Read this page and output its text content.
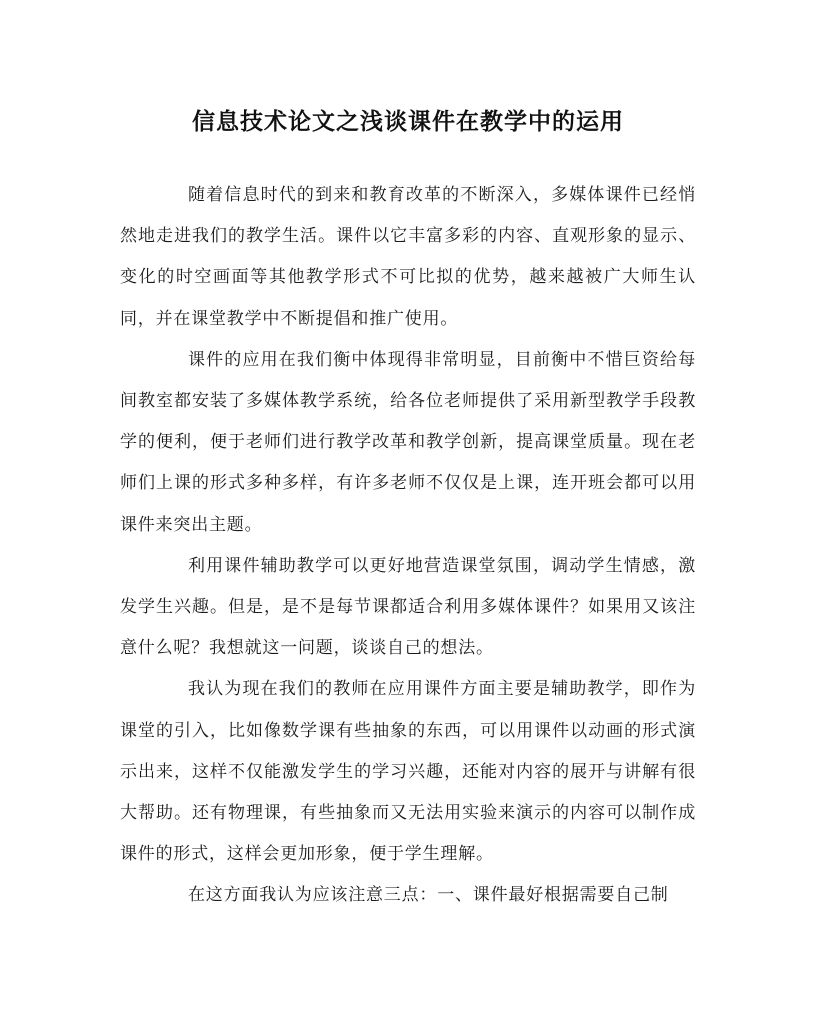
信息技术论文之浅谈课件在教学中的运用

随着信息时代的到来和教育改革的不断深入，多媒体课件已经悄然地走进我们的教学生活。课件以它丰富多彩的内容、直观形象的显示、变化的时空画面等其他教学形式不可比拟的优势，越来越被广大师生认同，并在课堂教学中不断提倡和推广使用。

课件的应用在我们衡中体现得非常明显，目前衡中不惜巨资给每间教室都安装了多媒体教学系统，给各位老师提供了采用新型教学手段教学的便利，便于老师们进行教学改革和教学创新，提高课堂质量。现在老师们上课的形式多种多样，有许多老师不仅仅是上课，连开班会都可以用课件来突出主题。

利用课件辅助教学可以更好地营造课堂氛围，调动学生情感，激发学生兴趣。但是，是不是每节课都适合利用多媒体课件？如果用又该注意什么呢？我想就这一问题，谈谈自己的想法。

我认为现在我们的教师在应用课件方面主要是辅助教学，即作为课堂的引入，比如像数学课有些抽象的东西，可以用课件以动画的形式演示出来，这样不仅能激发学生的学习兴趣，还能对内容的展开与讲解有很大帮助。还有物理课，有些抽象而又无法用实验来演示的内容可以制作成课件的形式，这样会更加形象，便于学生理解。

在这方面我认为应该注意三点：一、课件最好根据需要自己制
